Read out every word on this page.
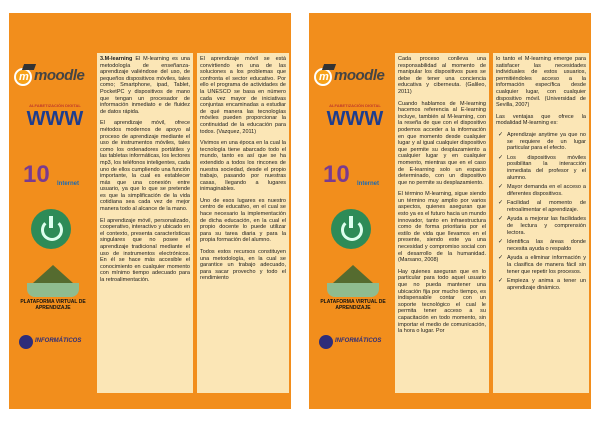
m moodle
ALFABETIZACIÓN DIGITAL
WWW
10	Internet
PLATAFORMA VIRTUAL DE APRENDIZAJE
INFORMÁTICOS

3.M-learning El M-learning es una metodología de enseñanza-aprendizaje valiéndose del uso, de pequeños dispositivos móviles, tales como; Smartphone, ipad, Tablet, PocketPC y dispositivos de mano que tengan un procesador de información inmediato e de fluidez de datos rápida.

El aprendizaje móvil, ofrece métodos modernos de apoyo al proceso de aprendizaje mediante el uso de instrumentos móviles, tales como los ordenadores portátiles y las tabletas informáticas, los lectores mp3, los teléfonos inteligentes, cada uno de ellos cumpliendo una función importante, la cual es establecer más que una conexión entre usuario, ya que lo que se pretende es que la simplificación de la vida cotidiana sea cada vez de mejor manera todo al alcance de la mano.

El aprendizaje móvil, personalizado, cooperativo, interactivo y ubicado en el contexto, presenta características singulares que no posee el aprendizaje tradicional mediante el uso de instrumentos electrónicos. En él se hace más accesible el conocimiento en cualquier momento con mínimo tiempo adecuado para la retroalimentación.

El aprendizaje móvil se está convirtiendo en una de las soluciones a los problemas que confronta el sector educativo. Por ello el programa de actividades de la UNESCO se basa en número cada vez mayor de iniciativas conjuntas encaminadas a estudiar de qué manera las tecnologías móviles pueden proporcionar la continuidad de la educación para todos. (Vazquez, 2011)

Vivimos en una época en la cual la tecnología tiene abarcado todo el mundo, tanto es así que se ha extendido a todos los rincones de nuestra sociedad, desde el propio trabajo, pasando por nuestras casas, llegando a lugares inimaginables.

Uno de esos lugares es nuestro centro de educativo, en el cual se hace necesario la implementación de dicha educación, en la cual el propio docente lo puede utilizar para su tarea diaria y para la propia formación del alumno.

Todos estos recursos constituyen una metodología, en la cual se garantice un trabajo adecuado, para sacar provecho y todo el rendimiento

m moodle
ALFABETIZACIÓN DIGITAL
WWW
10	Internet
PLATAFORMA VIRTUAL DE APRENDIZAJE
INFORMÁTICOS

Cada proceso conlleva una responsabilidad al momento de manipular los dispositivos pues se debe de tener una conciencia educativa y ciberneuta. (Galileo, 2011)

Cuando hablamos de M-learning hacemos referencia al E-learning incluye, también al M-learning, con la reseña de que con el dispositivo podemos acceder a la información en que momento desde cualquier lugar y al igual cualquier dispositivo que permite su desplazamiento a cualquier lugar y en cualquier momento, mientras que en el caso de E-learning solo un espacio determinado, con un dispositivo que no permite su desplazamiento.

El término M-learning, sigue siendo un término muy amplio por varios aspectos, quienes aseguran que esto ya es el futuro hacia un mundo innovador, tanto en infraestructura como de forma prioritaria por el estilo de vida que llevamos en el presente, siendo este ya una necesidad y compromiso social con el desarrollo de la humanidad. (Marsano, 2008)

Hay quienes aseguran que en lo particular para todo aquel usuario que no pueda mantener una ubicación fija por mucho tiempo, es indispensable contar con un soporte tecnológico el cual le permita tener acceso a su capacitación en todo momento, sin importar el medio de comunicación, la hora o lugar. Por

lo tanto el M-learning emerge para satisfacer las necesidades individuales de estos usuarios, permitiéndoles acceso a la información específica desde cualquier lugar, con cualquier dispositivo móvil. (Universidad de Sevilla, 2007)

Las ventajas que ofrece la modalidad M-learning es:

✓ Aprendizaje anytime ya que no se requiere de un lugar particular para el efecto.
✓ Los dispositivos móviles posibilitan la interacción inmediata del profesor y el alumno.
✓ Mayor demanda en el acceso a diferentes dispositivos.
✓ Facilidad al momento de retroalimentar el aprendizaje.
✓ Ayuda a mejorar las facilidades de lectura y comprensión lectora.
✓ Identifica las áreas donde necesita ayuda o respaldo
✓ Ayuda a eliminar información y la clasifica de manera fácil sin tener que repetir los procesos.
✓ Empieza y anima a tener un aprendizaje dinámico.
